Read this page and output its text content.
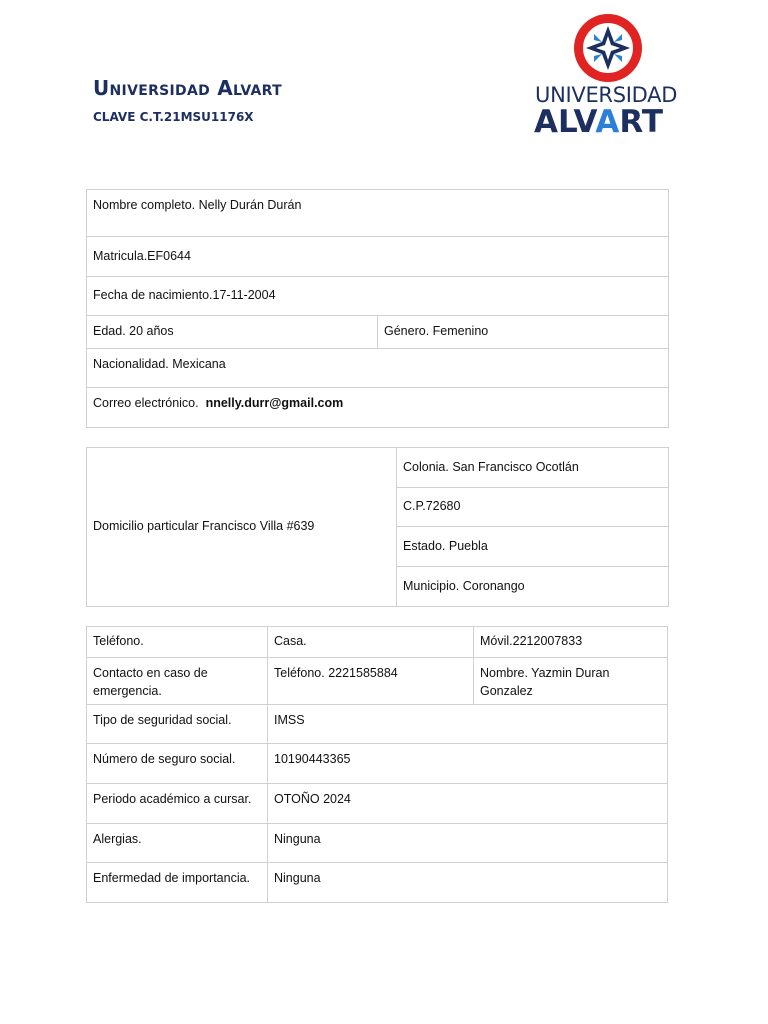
Universidad Alvart
CLAVE C.T.21MSU1176X
UNIVERSIDAD
ALVART
Nombre completo. Nelly Durán Durán
Matricula.EF0644
Fecha de nacimiento.17-11-2004
Edad. 20 años	Género. Femenino
Nacionalidad. Mexicana
Correo electrónico. nnelly.durr@gmail.com
Domicilio particular Francisco Villa #639	Colonia. San Francisco Ocotlán
C.P.72680
Estado. Puebla
Municipio. Coronango
Teléfono.	Casa.	Móvil.2212007833
Contacto en caso de emergencia.	Teléfono. 2221585884	Nombre. Yazmin Duran Gonzalez
Tipo de seguridad social.	IMSS	
Número de seguro social.	10190443365	
Periodo académico a cursar.	OTOÑO 2024	
Alergias.	Ninguna	
Enfermedad de importancia.	Ninguna	
